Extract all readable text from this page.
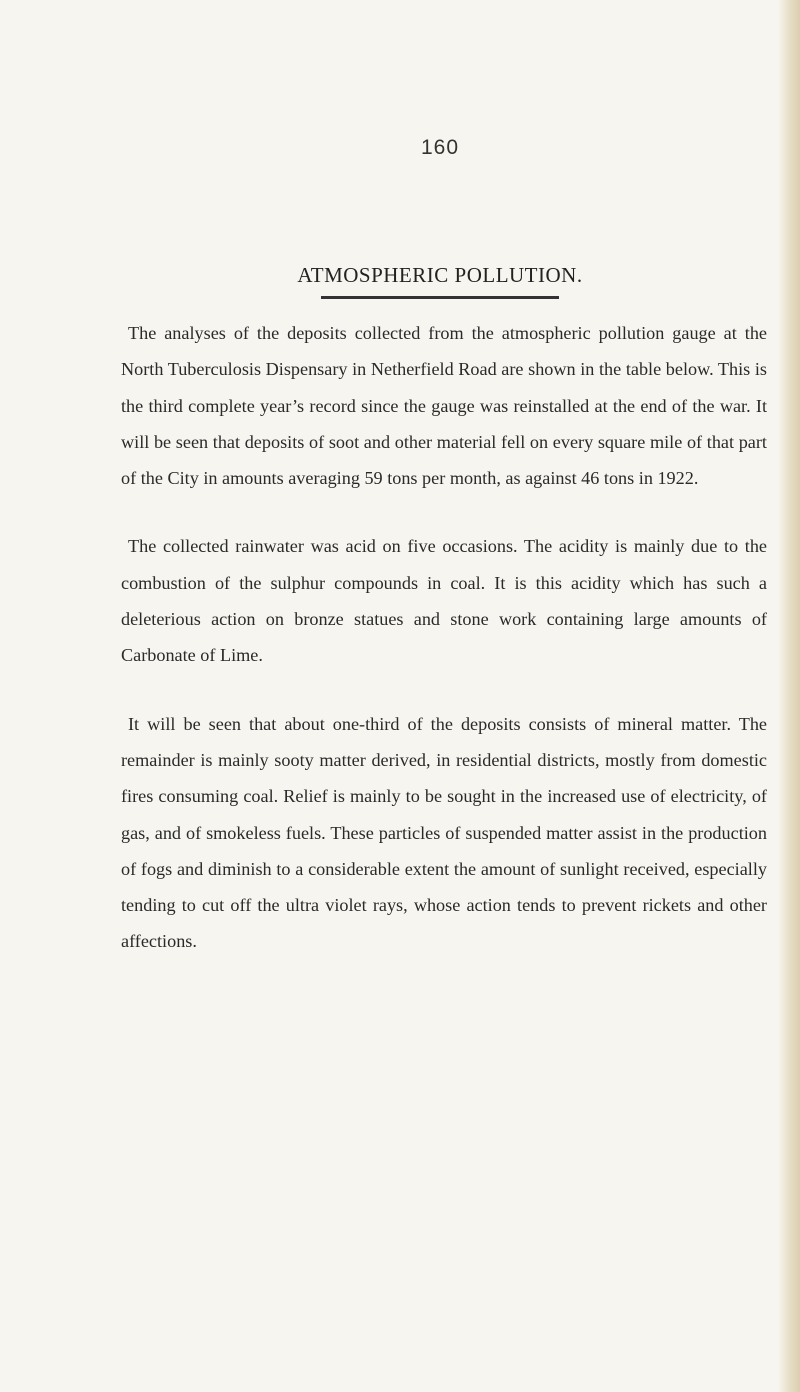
160
ATMOSPHERIC POLLUTION.

The analyses of the deposits collected from the atmospheric pollution gauge at the North Tuberculosis Dispensary in Netherfield Road are shown in the table below. This is the third complete year’s record since the gauge was reinstalled at the end of the war. It will be seen that deposits of soot and other material fell on every square mile of that part of the City in amounts averaging 59 tons per month, as against 46 tons in 1922.

The collected rainwater was acid on five occasions. The acidity is mainly due to the combustion of the sulphur compounds in coal. It is this acidity which has such a deleterious action on bronze statues and stone work containing large amounts of Carbonate of Lime.

It will be seen that about one-third of the deposits consists of mineral matter. The remainder is mainly sooty matter derived, in residential districts, mostly from domestic fires consuming coal. Relief is mainly to be sought in the increased use of electricity, of gas, and of smokeless fuels. These particles of suspended matter assist in the production of fogs and diminish to a considerable extent the amount of sunlight received, especially tending to cut off the ultra violet rays, whose action tends to prevent rickets and other affections.
